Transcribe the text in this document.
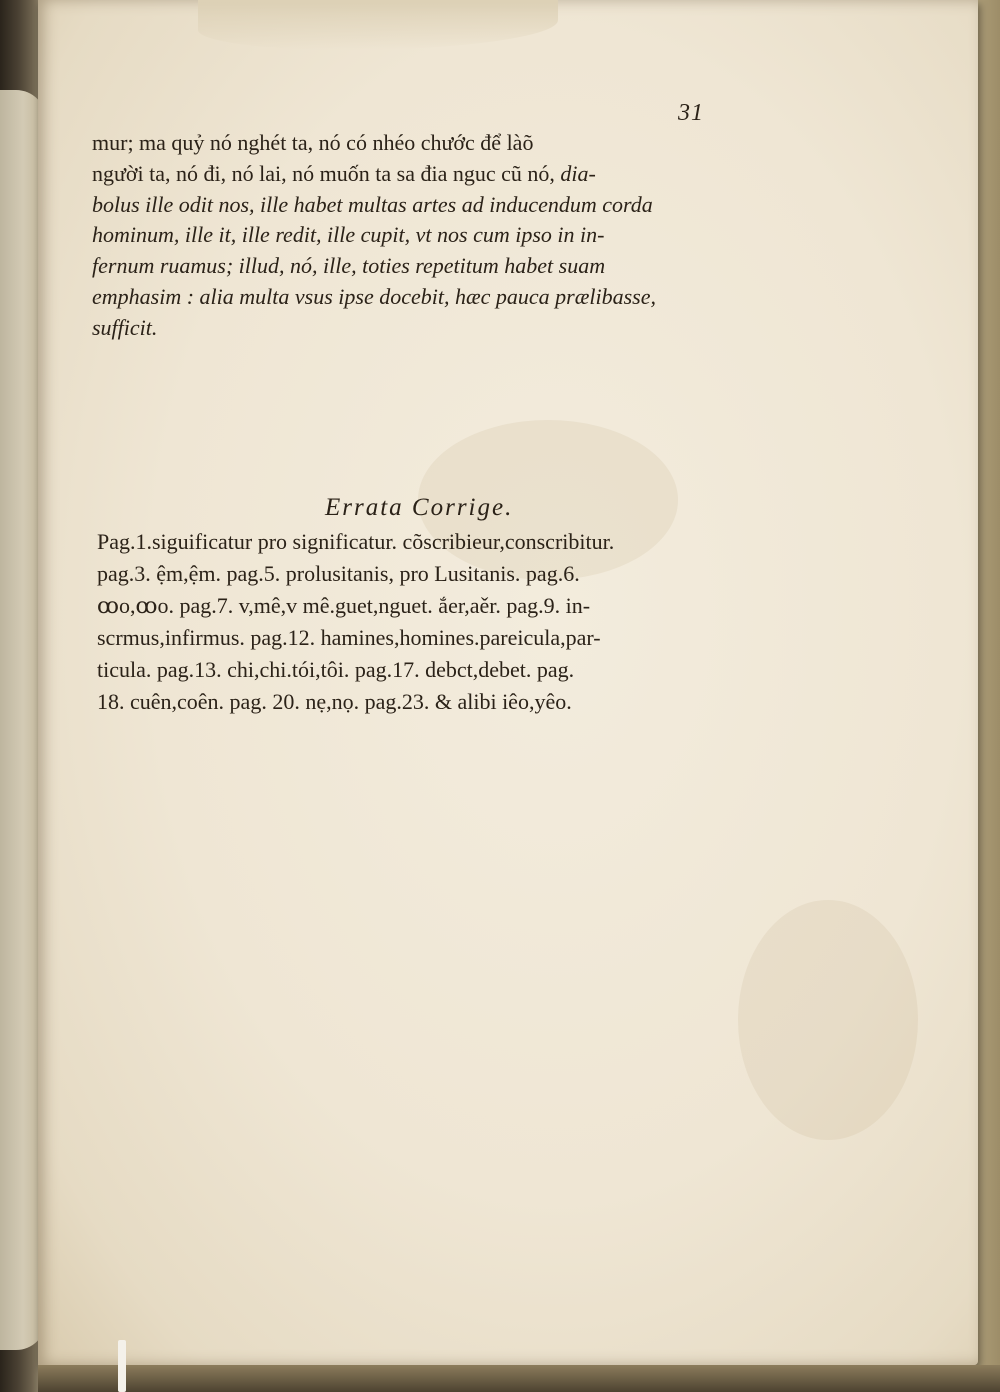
31
mur; ma quỷ nó nghét ta, nó có nhéo chước để làõ
người ta, nó đi, nó lai, nó muốn ta sa đia nguc cũ nó, dia-
bolus ille odit nos, ille habet multas artes ad inducendum corda
hominum, ille it, ille redit, ille cupit, vt nos cum ipso in in-
fernum ruamus; illud, nó, ille, toties repetitum habet suam
emphasim : alia multa vsus ipse docebit, hæc pauca prælibasse,
sufficit.
Errata Corrige.
Pag.1.siguificatur pro significatur. cõscribieur,conscribitur.
pag.3. ệm,ệm. pag.5. prolusitanis, pro Lusitanis. pag.6.
ꝏo,ꝏo. pag.7. v,mê,v mê.guet,nguet. ắer,aěr. pag.9. in-
scrmus,infirmus. pag.12. hamines,homines.pareicula,par-
ticula. pag.13. chi,chi.tói,tôi. pag.17. debct,debet. pag.
18. cuên,coên. pag. 20. nẹ,nọ. pag.23. & alibi iêo,yêo.
